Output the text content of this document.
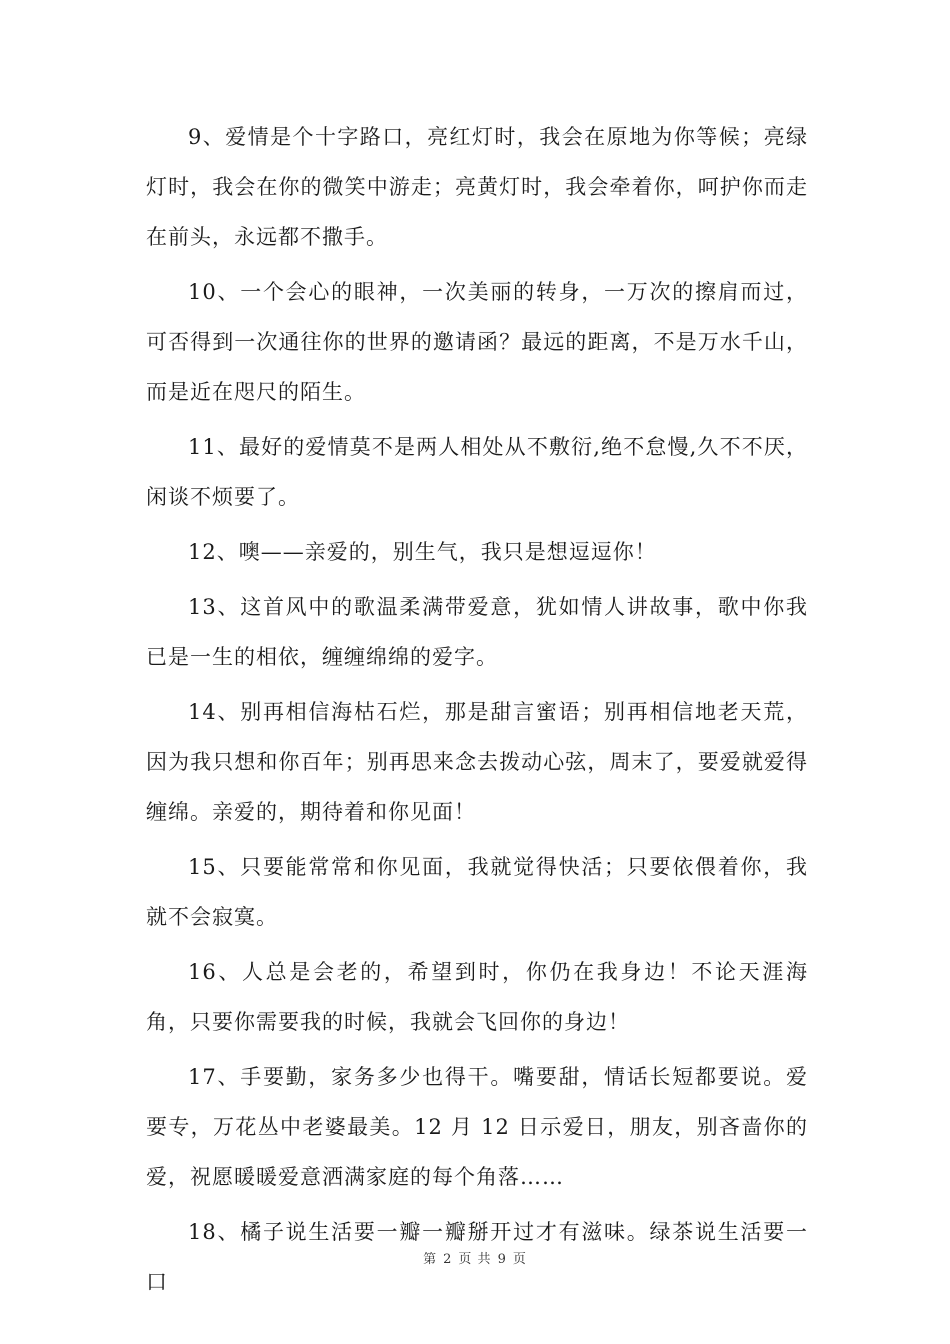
9、爱情是个十字路口，亮红灯时，我会在原地为你等候；亮绿灯时，我会在你的微笑中游走；亮黄灯时，我会牵着你，呵护你而走在前头，永远都不撒手。

10、一个会心的眼神，一次美丽的转身，一万次的擦肩而过，可否得到一次通往你的世界的邀请函？最远的距离，不是万水千山，而是近在咫尺的陌生。

11、最好的爱情莫不是两人相处从不敷衍,绝不怠慢,久不不厌，闲谈不烦要了。

12、噢——亲爱的，别生气，我只是想逗逗你！

13、这首风中的歌温柔满带爱意，犹如情人讲故事，歌中你我已是一生的相依，缠缠绵绵的爱字。

14、别再相信海枯石烂，那是甜言蜜语；别再相信地老天荒，因为我只想和你百年；别再思来念去拨动心弦，周末了，要爱就爱得缠绵。亲爱的，期待着和你见面！

15、只要能常常和你见面，我就觉得快活；只要依偎着你，我就不会寂寞。

16、人总是会老的，希望到时，你仍在我身边！不论天涯海角，只要你需要我的时候，我就会飞回你的身边！

17、手要勤，家务多少也得干。嘴要甜，情话长短都要说。爱要专，万花丛中老婆最美。12 月 12 日示爱日，朋友，别吝啬你的爱，祝愿暖暖爱意洒满家庭的每个角落……

18、橘子说生活要一瓣一瓣掰开过才有滋味。绿茶说生活要一口

第 2 页 共 9 页
